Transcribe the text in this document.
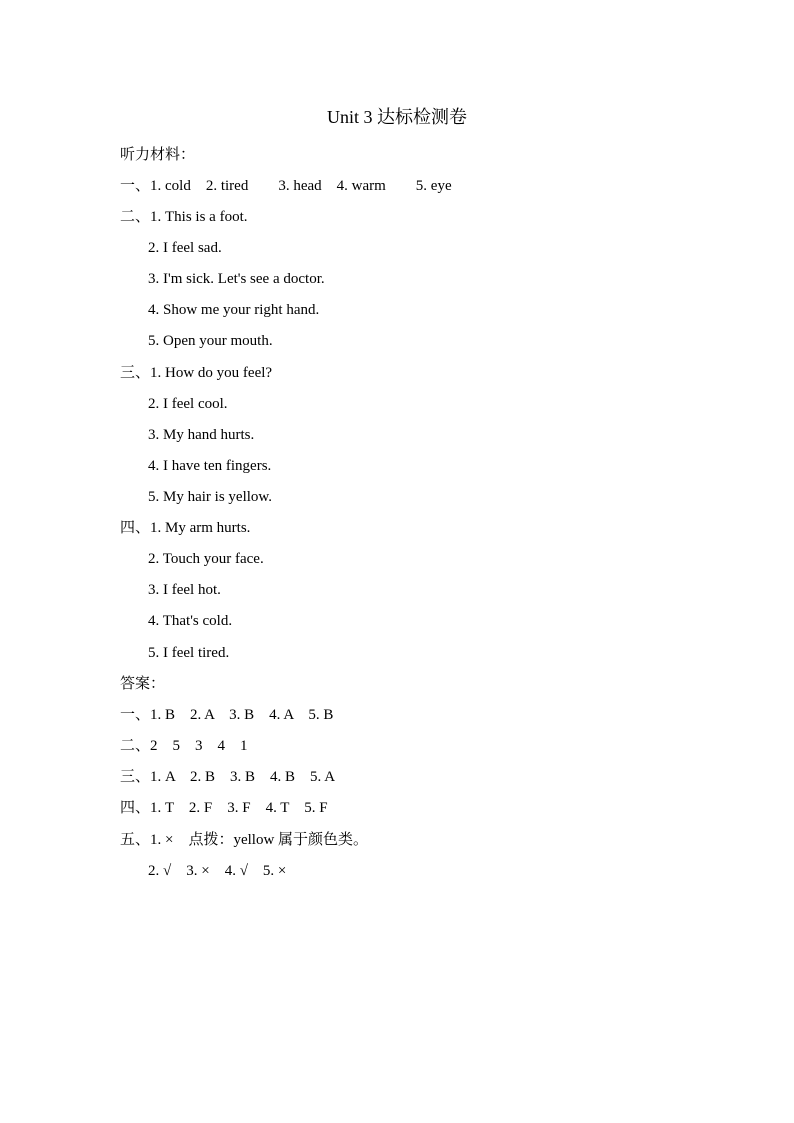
Unit 3 达标检测卷
听力材料：
一、1. cold    2. tired        3. head    4. warm        5. eye
二、1. This is a foot.
2. I feel sad.
3. I'm sick. Let's see a doctor.
4. Show me your right hand.
5. Open your mouth.
三、1. How do you feel?
2. I feel cool.
3. My hand hurts.
4. I have ten fingers.
5. My hair is yellow.
四、1. My arm hurts.
2. Touch your face.
3. I feel hot.
4. That's cold.
5. I feel tired.
答案：
一、1. B    2. A    3. B    4. A    5. B
二、2    5    3    4    1
三、1. A    2. B    3. B    4. B    5. A
四、1. T    2. F    3. F    4. T    5. F
五、1. ×    点拨：yellow 属于颜色类。
2. √    3. ×    4. √    5. ×
